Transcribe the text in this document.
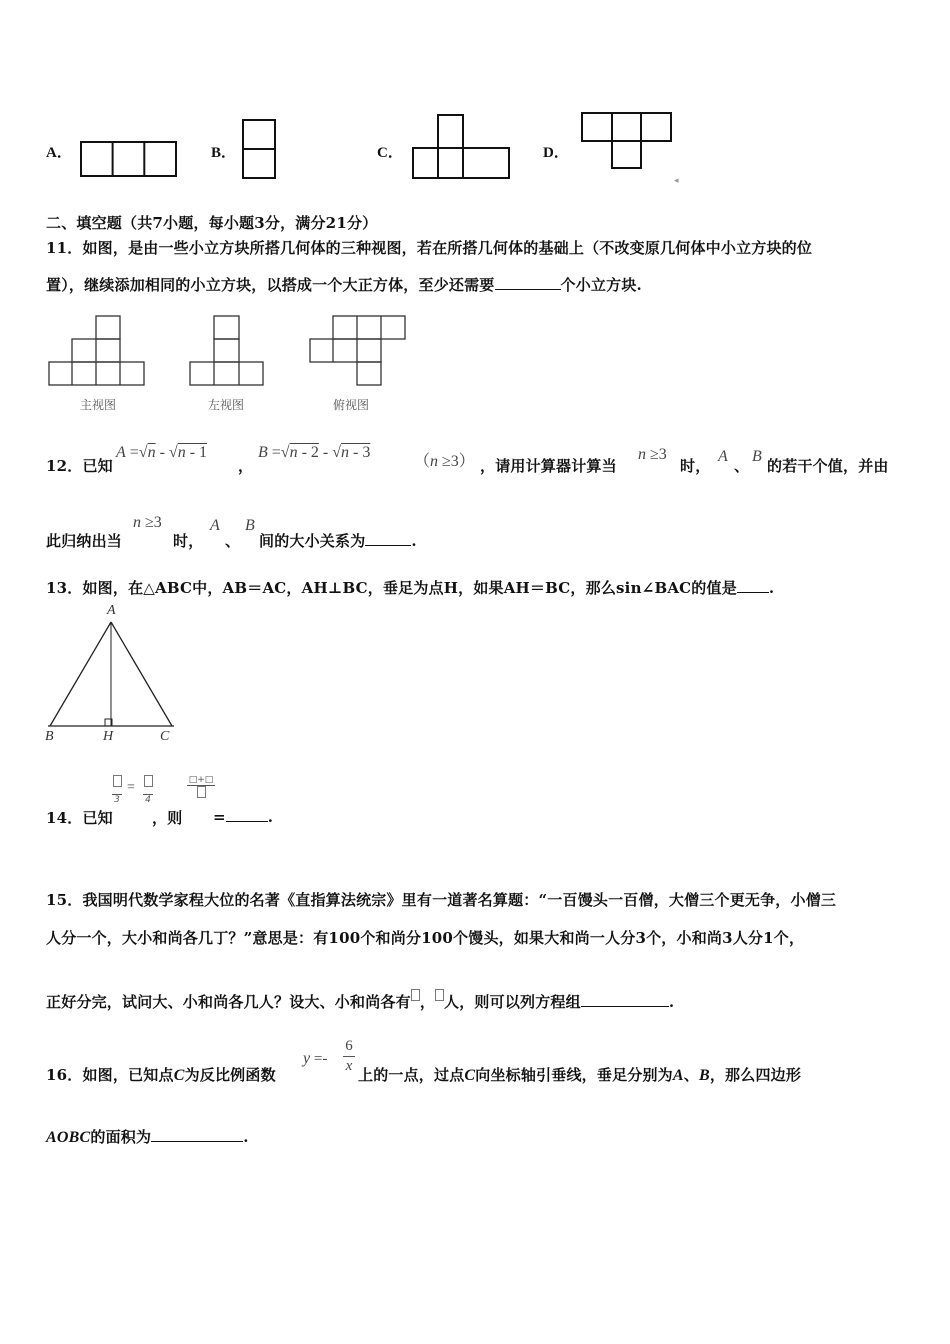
A．	B．	C．	D．
◂
二、填空题（共7小题，每小题3分，满分21分）
11．如图，是由一些小立方块所搭几何体的三种视图，若在所搭几何体的基础上（不改变原几何体中小立方块的位
置），继续添加相同的小立方块，以搭成一个大正方体，至少还需要	个小立方块.
主视图	左视图	俯视图
12．已知
A =√n - √n - 1
，
B =√n - 2 - √n - 3
（n ≥3） ，请用计算器计算当
n ≥3
时，
A
、
B
的若干个值，并由
此归纳出当
n ≥3
时，
A
、
B
间的大小关系为	.
13．如图，在△ABC中，AB＝AC，AH⊥BC，垂足为点H，如果AH＝BC，那么sin∠BAC的值是 .
A
B	H	C
3
=
4
□+□
14．已知	，则 =	.
15．我国明代数学家程大位的名著《直指算法统宗》里有一道著名算题：“一百馒头一百僧，大僧三个更无争，小僧三
人分一个，大小和尚各几丁？”意思是：有100个和尚分100个馒头，如果大和尚一人分3个，小和尚3人分1个，
正好分完，试问大、小和尚各几人？设大、小和尚各有 ， 人，则可以列方程组	.
16．如图，已知点C为反比例函数
y =-
6
x 上的一点，过点C向坐标轴引垂线，垂足分别为A、B，那么四边形
AOBC的面积为	.
